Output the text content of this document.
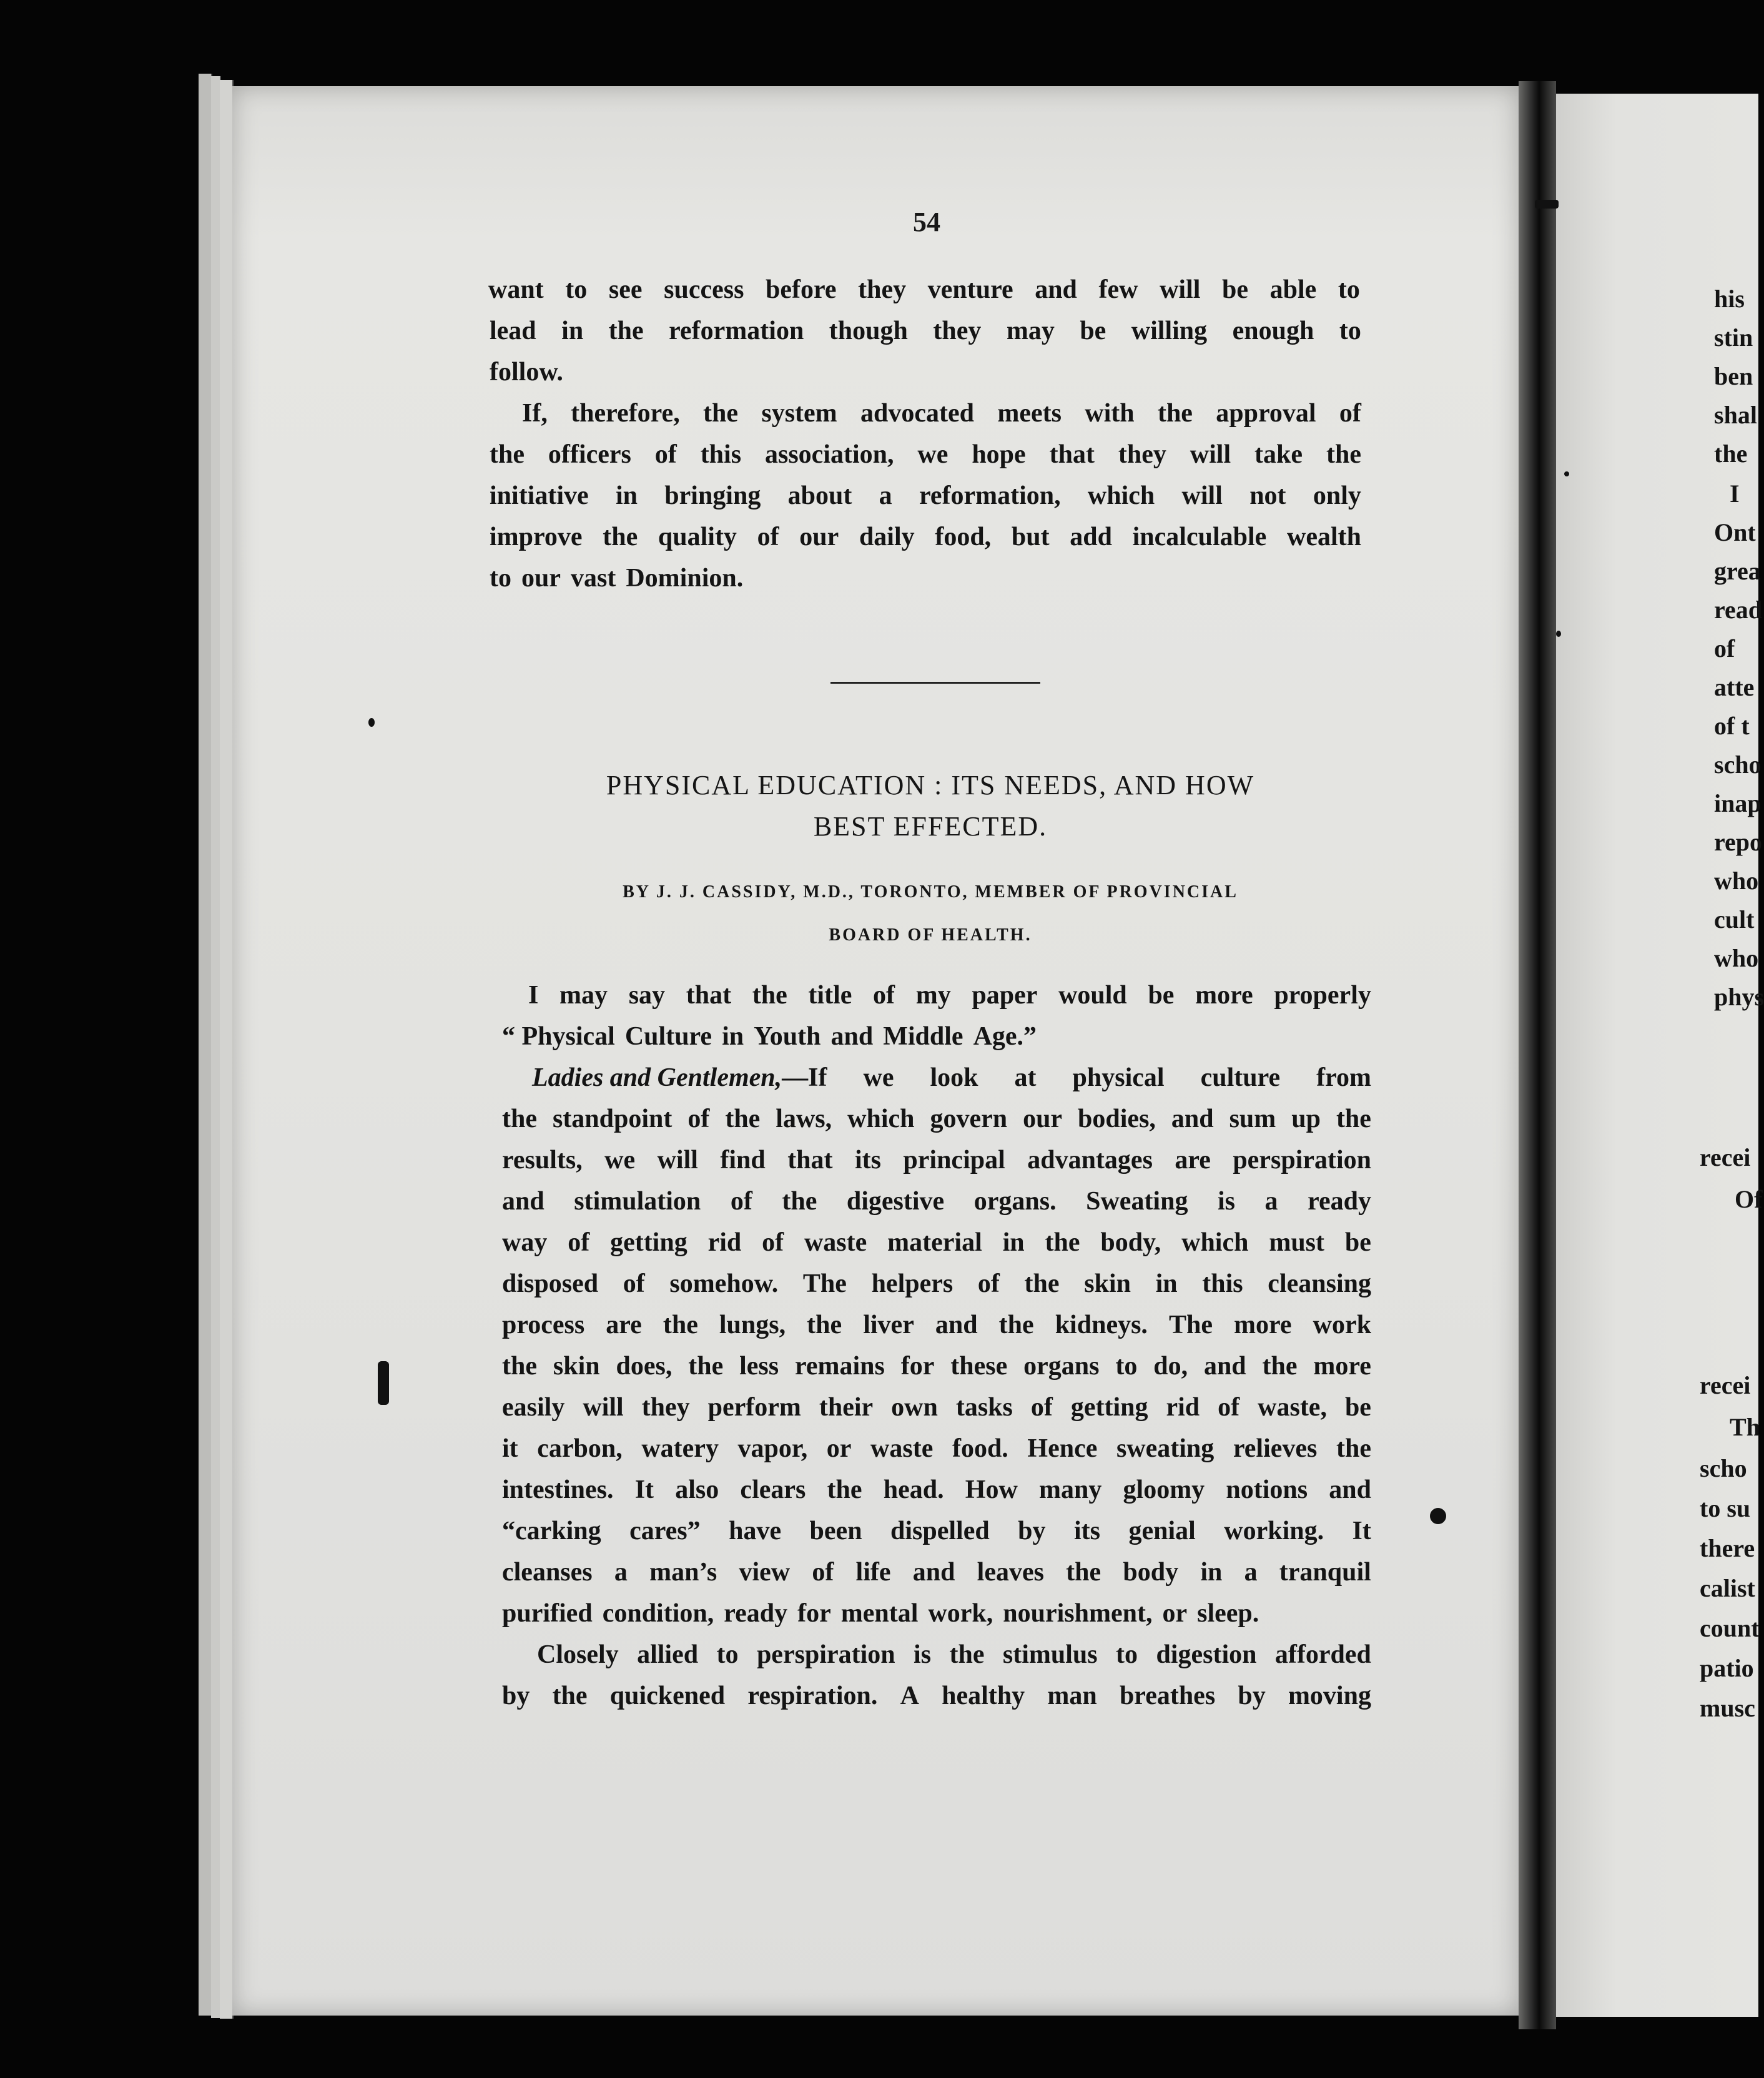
54
want to see success before they venture and few will be able to
lead in the reformation though they may be willing enough to
follow.
If, therefore, the system advocated meets with the approval of
the officers of this association, we hope that they will take the
initiative in bringing about a reformation, which will not only
improve the quality of our daily food, but add incalculable wealth
to our vast Dominion.
PHYSICAL EDUCATION : ITS NEEDS, AND HOW
BEST EFFECTED.
BY J. J. CASSIDY, M.D., TORONTO, MEMBER OF PROVINCIAL
BOARD OF HEALTH.
I may say that the title of my paper would be more properly
“ Physical Culture in Youth and Middle Age.”
Ladies and Gentlemen,—If we look at physical culture from
the standpoint of the laws, which govern our bodies, and sum up the
results, we will find that its principal advantages are perspiration
and stimulation of the digestive organs. Sweating is a ready
way of getting rid of waste material in the body, which must be
disposed of somehow. The helpers of the skin in this cleansing
process are the lungs, the liver and the kidneys. The more work
the skin does, the less remains for these organs to do, and the more
easily will they perform their own tasks of getting rid of waste, be
it carbon, watery vapor, or waste food. Hence sweating relieves the
intestines. It also clears the head. How many gloomy notions and
“carking cares” have been dispelled by its genial working. It
cleanses a man’s view of life and leaves the body in a tranquil
purified condition, ready for mental work, nourishment, or sleep.
Closely allied to perspiration is the stimulus to digestion afforded
by the quickened respiration. A healthy man breathes by moving
his
stin
ben
shal
the
I
Ont
grea
read
of
atte
of t
scho
inap
repo
who
cult
who
phys
recei
Of
recei
Th
scho
to su
there
calist
count
patio
musc
